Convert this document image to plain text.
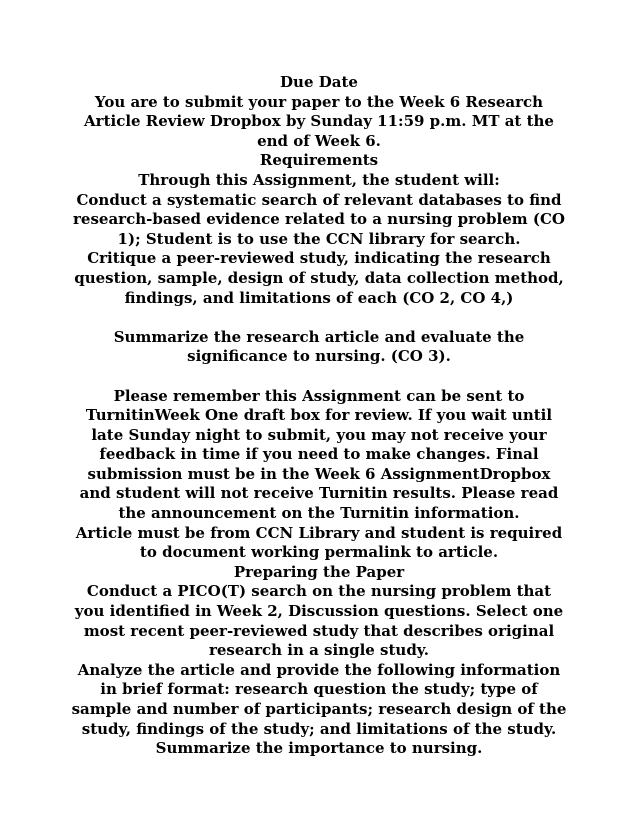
Due Date

You are to submit your paper to the Week 6 Research Article Review Dropbox by Sunday 11:59 p.m. MT at the end of Week 6.

Requirements

Through this Assignment, the student will:

Conduct a systematic search of relevant databases to find research-based evidence related to a nursing problem (CO 1); Student is to use the CCN library for search.

Critique a peer-reviewed study, indicating the research question, sample, design of study, data collection method, findings, and limitations of each (CO 2, CO 4,)

Summarize the research article and evaluate the significance to nursing. (CO 3).

Please remember this Assignment can be sent to TurnitinWeek One draft box for review. If you wait until late Sunday night to submit, you may not receive your feedback in time if you need to make changes. Final submission must be in the Week 6 AssignmentDropbox and student will not receive Turnitin results. Please read the announcement on the Turnitin information.

Article must be from CCN Library and student is required to document working permalink to article.

Preparing the Paper

Conduct a PICO(T) search on the nursing problem that you identified in Week 2, Discussion questions. Select one most recent peer-reviewed study that describes original research in a single study.

Analyze the article and provide the following information in brief format: research question the study; type of sample and number of participants; research design of the study, findings of the study; and limitations of the study. Summarize the importance to nursing.
